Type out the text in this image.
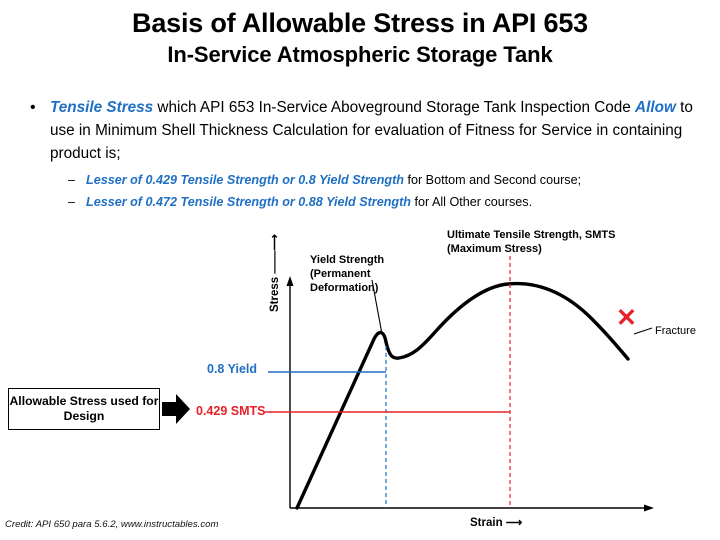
Basis of Allowable Stress in API 653
In-Service Atmospheric Storage Tank
• Tensile Stress which API 653 In-Service Aboveground Storage Tank Inspection Code Allow to use in Minimum Shell Thickness Calculation for evaluation of Fitness for Service in containing product is;
– Lesser of 0.429 Tensile Strength or 0.8 Yield Strength for Bottom and Second course;
– Lesser of 0.472 Tensile Strength or 0.88 Yield Strength for All Other courses.
Ultimate Tensile Strength, SMTS (Maximum Stress)
Yield Strength (Permanent Deformation)
Fracture
Stress ——⟶
Strain ⟶
0.8 Yield
0.429 SMTS
✕
Allowable Stress used for Design
Credit: API 650 para 5.6.2, www.instructables.com
